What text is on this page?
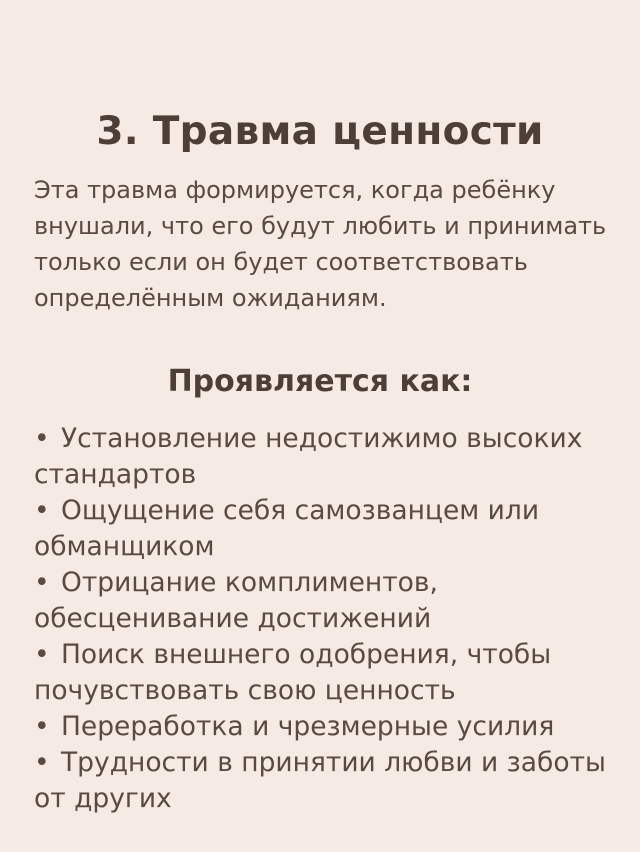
3. Травма ценности

Эта травма формируется, когда ребёнку внушали, что его будут любить и принимать только если он будет соответствовать определённым ожиданиям.

Проявляется как:
• Установление недостижимо высоких стандартов
• Ощущение себя самозванцем или обманщиком
• Отрицание комплиментов, обесценивание достижений
• Поиск внешнего одобрения, чтобы почувствовать свою ценность
• Переработка и чрезмерные усилия
• Трудности в принятии любви и заботы от других
